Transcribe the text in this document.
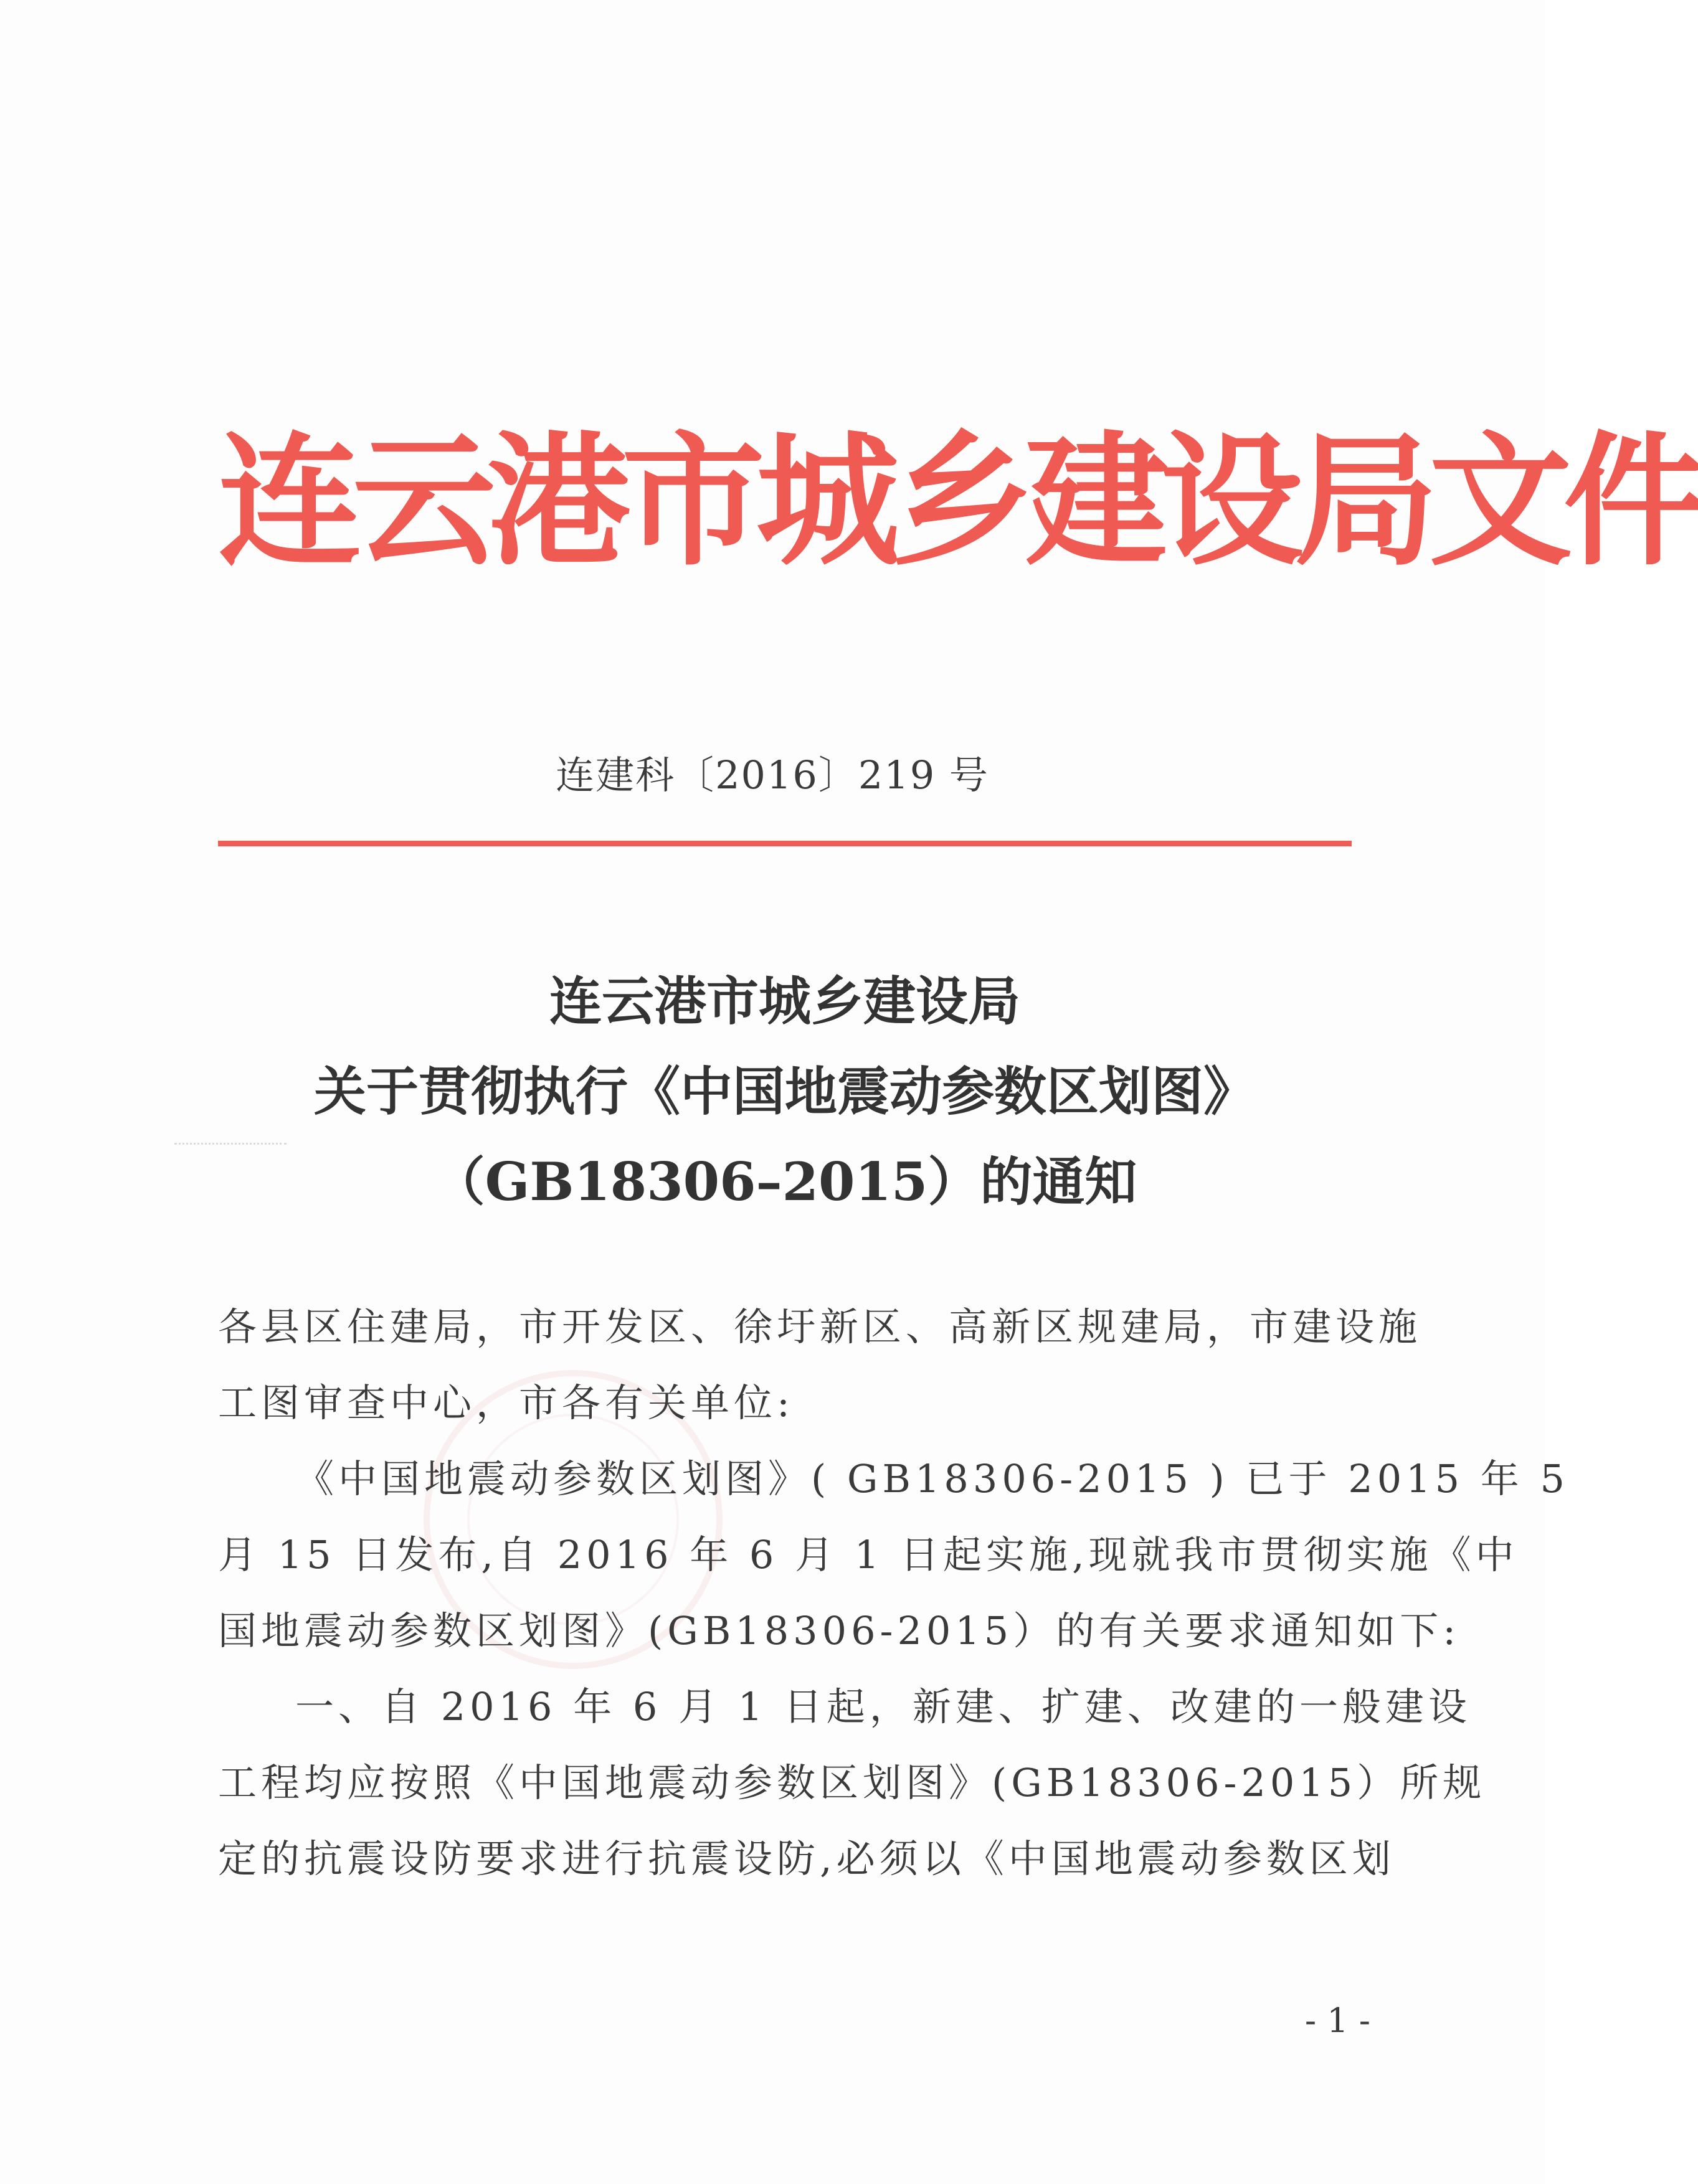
连云港市城乡建设局文件
连建科〔2016〕219 号
连云港市城乡建设局
关于贯彻执行《中国地震动参数区划图》
（GB18306–2015）的通知
各县区住建局，市开发区、徐圩新区、高新区规建局，市建设施
工图审查中心，市各有关单位:
《中国地震动参数区划图》( GB18306-2015 ) 已于 2015 年 5
月 15 日发布,自 2016 年 6 月 1 日起实施,现就我市贯彻实施《中
国地震动参数区划图》(GB18306-2015）的有关要求通知如下:
一、自 2016 年 6 月 1 日起，新建、扩建、改建的一般建设
工程均应按照《中国地震动参数区划图》(GB18306-2015）所规
定的抗震设防要求进行抗震设防,必须以《中国地震动参数区划
- 1 -
